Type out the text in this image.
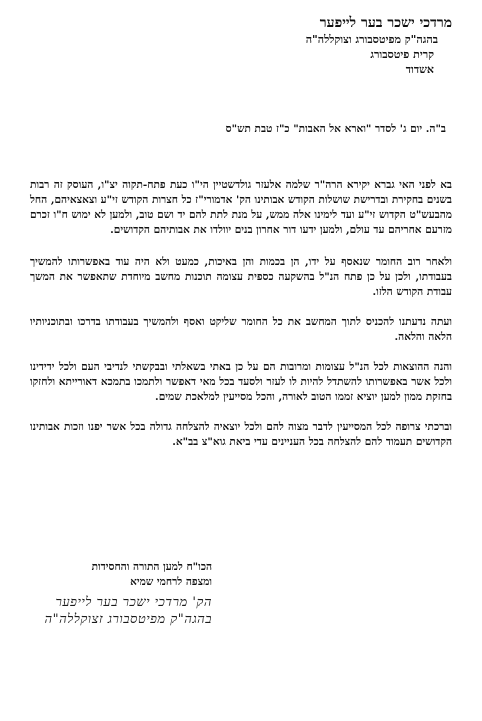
מרדכי ישכר בער לייפער
בהגה"ק מפיטסבורג וצוקללה"ה
קרית פיטסבורג
אשדוד
ב"ה. יום ג' לסדר "וארא אל האבות" כ"ז טבת תש"ס

בא לפני האי גברא יקירא הרה"ר שלמה אלעזר גולדשטיין הי"ו כעת פתח-תקוה יצ"ו, העוסק זה רבות בשנים בחקירת ובדרישת שושלות הקודש אבותינו הק' אדמורי"ז כל חצרות הקודש זי"ע וצאצאיהם, החל מהבעש"ט הקדוש זי"ע ועד לימינו אלה ממש, על מנת לתת להם יד ושם טוב, ולמען לא ימוש ח"ו זכרם מזרעם אחריהם עד עולם, ולמען ידעו דור אחרון בנים יוולדו את אבותיהם הקדושים.

ולאחר רוב החומר שנאסף על ידו, הן בכמות והן באיכות, כמעט ולא היה עוד באפשרותו להמשיך בעבודתו, ולכן על כן פתח הנ"ל בהשקעה כספית עצומה תוכנות מחשב מיוחדת שתאפשר את המשך עבודת הקודש הלזו.

ועתה נדעתנו להכניס לתוך המחשב את כל החומר שליקט ואסף ולהמשיך בעבודתו בדרכו ובתוכניותיו הלאה והלאה.

והנה ההוצאות לכל הנ"ל עצומות ומרובות הם על כן באתי בשאלתי ובבקשתי לנדיבי העם ולכל ידידינו ולכל אשר באפשרותו להשתדל להיות לו לעזר ולסעד בכל מאי דאפשר ולתמכו בתמכא דאורייתא ולחזקו בחזקת ממון למען יוציא זממו הטוב לאורה, והכל מסייעין למלאכת שמים.

וברכתי צרופה לכל המסייעין לדבר מצוה להם ולכל יוצאיה להצלחה גדולה בכל אשר יפנו וזכות אבותינו הקדושים תעמוד להם להצלחה בכל העניינים עדי ביאת גוא"צ בב"א.

הכו"ח למען התורה והחסידות
ומצפה לרחמי שמיא
הק' מרדכי ישכר בער לייפער
בהגה"ק מפיטסבורג זצוקללה"ה
